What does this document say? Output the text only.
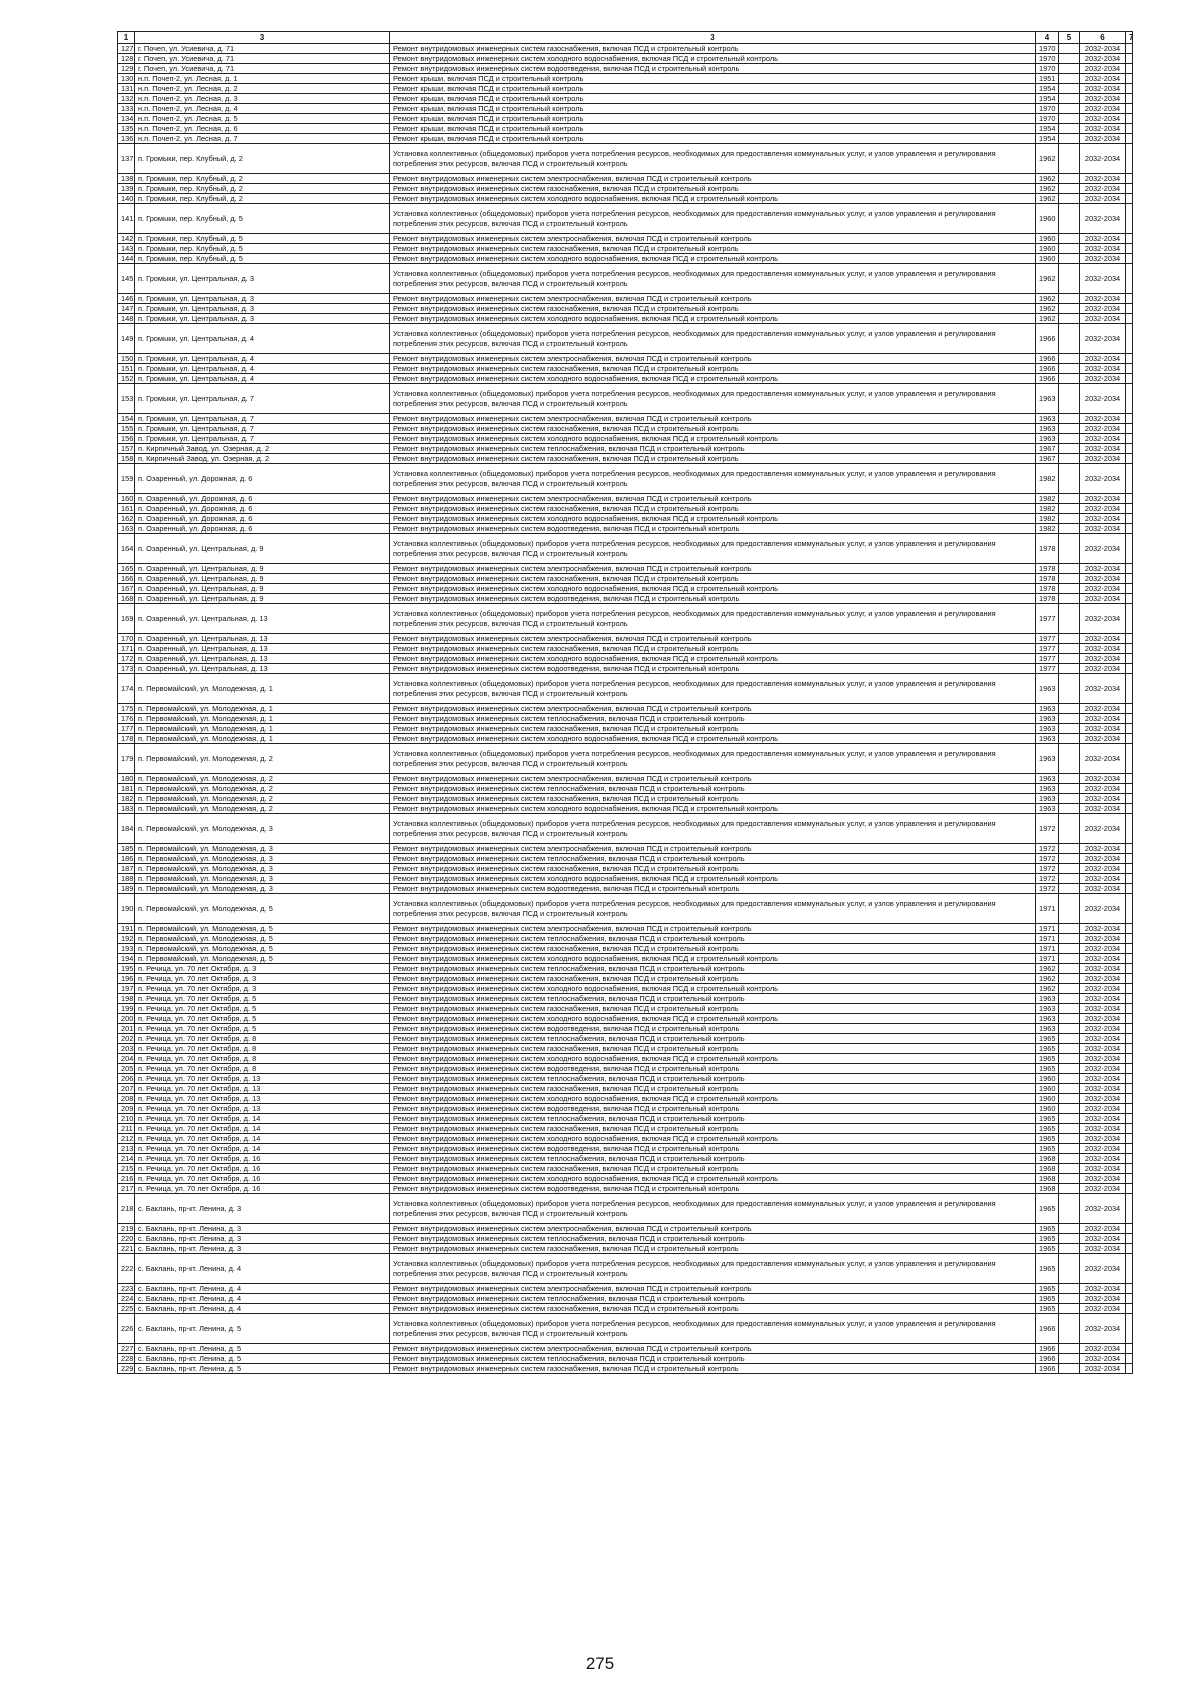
1	3	3	4	5	6	7
127	г. Почеп, ул. Усиевича, д. 71	Ремонт внутридомовых инженерных систем газоснабжения, включая ПСД и строительный контроль	1970		2032-2034	
128	г. Почеп, ул. Усиевича, д. 71	Ремонт внутридомовых инженерных систем холодного водоснабжения, включая ПСД и строительный контроль	1970		2032-2034	
129	г. Почеп, ул. Усиевича, д. 71	Ремонт внутридомовых инженерных систем водоотведения, включая ПСД и строительный контроль	1970		2032-2034	
130	н.п. Почеп-2, ул. Лесная, д. 1	Ремонт крыши, включая ПСД и строительный контроль	1951		2032-2034	
131	н.п. Почеп-2, ул. Лесная, д. 2	Ремонт крыши, включая ПСД и строительный контроль	1954		2032-2034	
132	н.п. Почеп-2, ул. Лесная, д. 3	Ремонт крыши, включая ПСД и строительный контроль	1954		2032-2034	
133	н.п. Почеп-2, ул. Лесная, д. 4	Ремонт крыши, включая ПСД и строительный контроль	1970		2032-2034	
134	н.п. Почеп-2, ул. Лесная, д. 5	Ремонт крыши, включая ПСД и строительный контроль	1970		2032-2034	
135	н.п. Почеп-2, ул. Лесная, д. 6	Ремонт крыши, включая ПСД и строительный контроль	1954		2032-2034	
136	н.п. Почеп-2, ул. Лесная, д. 7	Ремонт крыши, включая ПСД и строительный контроль	1954		2032-2034	
137	п. Громыки, пер. Клубный, д. 2	Установка коллективных (общедомовых) приборов учета потребления ресурсов, необходимых для предоставления коммунальных услуг, и узлов управления и регулирования потребления этих ресурсов, включая ПСД и строительный контроль	1962		2032-2034	
138	п. Громыки, пер. Клубный, д. 2	Ремонт внутридомовых инженерных систем электроснабжения, включая ПСД и строительный контроль	1962		2032-2034	
139	п. Громыки, пер. Клубный, д. 2	Ремонт внутридомовых инженерных систем газоснабжения, включая ПСД и строительный контроль	1962		2032-2034	
140	п. Громыки, пер. Клубный, д. 2	Ремонт внутридомовых инженерных систем холодного водоснабжения, включая ПСД и строительный контроль	1962		2032-2034	
141	п. Громыки, пер. Клубный, д. 5	Установка коллективных (общедомовых) приборов учета потребления ресурсов, необходимых для предоставления коммунальных услуг, и узлов управления и регулирования потребления этих ресурсов, включая ПСД и строительный контроль	1960		2032-2034	
142	п. Громыки, пер. Клубный, д. 5	Ремонт внутридомовых инженерных систем электроснабжения, включая ПСД и строительный контроль	1960		2032-2034	
143	п. Громыки, пер. Клубный, д. 5	Ремонт внутридомовых инженерных систем газоснабжения, включая ПСД и строительный контроль	1960		2032-2034	
144	п. Громыки, пер. Клубный, д. 5	Ремонт внутридомовых инженерных систем холодного водоснабжения, включая ПСД и строительный контроль	1960		2032-2034	
145	п. Громыки, ул. Центральная, д. 3	Установка коллективных (общедомовых) приборов учета потребления ресурсов, необходимых для предоставления коммунальных услуг, и узлов управления и регулирования потребления этих ресурсов, включая ПСД и строительный контроль	1962		2032-2034	
146	п. Громыки, ул. Центральная, д. 3	Ремонт внутридомовых инженерных систем электроснабжения, включая ПСД и строительный контроль	1962		2032-2034	
147	п. Громыки, ул. Центральная, д. 3	Ремонт внутридомовых инженерных систем газоснабжения, включая ПСД и строительный контроль	1962		2032-2034	
148	п. Громыки, ул. Центральная, д. 3	Ремонт внутридомовых инженерных систем холодного водоснабжения, включая ПСД и строительный контроль	1962		2032-2034	
149	п. Громыки, ул. Центральная, д. 4	Установка коллективных (общедомовых) приборов учета потребления ресурсов, необходимых для предоставления коммунальных услуг, и узлов управления и регулирования потребления этих ресурсов, включая ПСД и строительный контроль	1966		2032-2034	
150	п. Громыки, ул. Центральная, д. 4	Ремонт внутридомовых инженерных систем электроснабжения, включая ПСД и строительный контроль	1966		2032-2034	
151	п. Громыки, ул. Центральная, д. 4	Ремонт внутридомовых инженерных систем газоснабжения, включая ПСД и строительный контроль	1966		2032-2034	
152	п. Громыки, ул. Центральная, д. 4	Ремонт внутридомовых инженерных систем холодного водоснабжения, включая ПСД и строительный контроль	1966		2032-2034	
153	п. Громыки, ул. Центральная, д. 7	Установка коллективных (общедомовых) приборов учета потребления ресурсов, необходимых для предоставления коммунальных услуг, и узлов управления и регулирования потребления этих ресурсов, включая ПСД и строительный контроль	1963		2032-2034	
154	п. Громыки, ул. Центральная, д. 7	Ремонт внутридомовых инженерных систем электроснабжения, включая ПСД и строительный контроль	1963		2032-2034	
155	п. Громыки, ул. Центральная, д. 7	Ремонт внутридомовых инженерных систем газоснабжения, включая ПСД и строительный контроль	1963		2032-2034	
156	п. Громыки, ул. Центральная, д. 7	Ремонт внутридомовых инженерных систем холодного водоснабжения, включая ПСД и строительный контроль	1963		2032-2034	
157	п. Кирпичный Завод, ул. Озерная, д. 2	Ремонт внутридомовых инженерных систем теплоснабжения, включая ПСД и строительный контроль	1967		2032-2034	
158	п. Кирпичный Завод, ул. Озерная, д. 2	Ремонт внутридомовых инженерных систем газоснабжения, включая ПСД и строительный контроль	1967		2032-2034	
159	п. Озаренный, ул. Дорожная, д. 6	Установка коллективных (общедомовых) приборов учета потребления ресурсов, необходимых для предоставления коммунальных услуг, и узлов управления и регулирования потребления этих ресурсов, включая ПСД и строительный контроль	1982		2032-2034	
160	п. Озаренный, ул. Дорожная, д. 6	Ремонт внутридомовых инженерных систем электроснабжения, включая ПСД и строительный контроль	1982		2032-2034	
161	п. Озаренный, ул. Дорожная, д. 6	Ремонт внутридомовых инженерных систем газоснабжения, включая ПСД и строительный контроль	1982		2032-2034	
162	п. Озаренный, ул. Дорожная, д. 6	Ремонт внутридомовых инженерных систем холодного водоснабжения, включая ПСД и строительный контроль	1982		2032-2034	
163	п. Озаренный, ул. Дорожная, д. 6	Ремонт внутридомовых инженерных систем водоотведения, включая ПСД и строительный контроль	1982		2032-2034	
164	п. Озаренный, ул. Центральная, д. 9	Установка коллективных (общедомовых) приборов учета потребления ресурсов, необходимых для предоставления коммунальных услуг, и узлов управления и регулирования потребления этих ресурсов, включая ПСД и строительный контроль	1978		2032-2034	
165	п. Озаренный, ул. Центральная, д. 9	Ремонт внутридомовых инженерных систем электроснабжения, включая ПСД и строительный контроль	1978		2032-2034	
166	п. Озаренный, ул. Центральная, д. 9	Ремонт внутридомовых инженерных систем газоснабжения, включая ПСД и строительный контроль	1978		2032-2034	
167	п. Озаренный, ул. Центральная, д. 9	Ремонт внутридомовых инженерных систем холодного водоснабжения, включая ПСД и строительный контроль	1978		2032-2034	
168	п. Озаренный, ул. Центральная, д. 9	Ремонт внутридомовых инженерных систем водоотведения, включая ПСД и строительный контроль	1978		2032-2034	
169	п. Озаренный, ул. Центральная, д. 13	Установка коллективных (общедомовых) приборов учета потребления ресурсов, необходимых для предоставления коммунальных услуг, и узлов управления и регулирования потребления этих ресурсов, включая ПСД и строительный контроль	1977		2032-2034	
170	п. Озаренный, ул. Центральная, д. 13	Ремонт внутридомовых инженерных систем электроснабжения, включая ПСД и строительный контроль	1977		2032-2034	
171	п. Озаренный, ул. Центральная, д. 13	Ремонт внутридомовых инженерных систем газоснабжения, включая ПСД и строительный контроль	1977		2032-2034	
172	п. Озаренный, ул. Центральная, д. 13	Ремонт внутридомовых инженерных систем холодного водоснабжения, включая ПСД и строительный контроль	1977		2032-2034	
173	п. Озаренный, ул. Центральная, д. 13	Ремонт внутридомовых инженерных систем водоотведения, включая ПСД и строительный контроль	1977		2032-2034	
174	п. Первомайский, ул. Молодежная, д. 1	Установка коллективных (общедомовых) приборов учета потребления ресурсов, необходимых для предоставления коммунальных услуг, и узлов управления и регулирования потребления этих ресурсов, включая ПСД и строительный контроль	1963		2032-2034	
175	п. Первомайский, ул. Молодежная, д. 1	Ремонт внутридомовых инженерных систем электроснабжения, включая ПСД и строительный контроль	1963		2032-2034	
176	п. Первомайский, ул. Молодежная, д. 1	Ремонт внутридомовых инженерных систем теплоснабжения, включая ПСД и строительный контроль	1963		2032-2034	
177	п. Первомайский, ул. Молодежная, д. 1	Ремонт внутридомовых инженерных систем газоснабжения, включая ПСД и строительный контроль	1963		2032-2034	
178	п. Первомайский, ул. Молодежная, д. 1	Ремонт внутридомовых инженерных систем холодного водоснабжения, включая ПСД и строительный контроль	1963		2032-2034	
179	п. Первомайский, ул. Молодежная, д. 2	Установка коллективных (общедомовых) приборов учета потребления ресурсов, необходимых для предоставления коммунальных услуг, и узлов управления и регулирования потребления этих ресурсов, включая ПСД и строительный контроль	1963		2032-2034	
180	п. Первомайский, ул. Молодежная, д. 2	Ремонт внутридомовых инженерных систем электроснабжения, включая ПСД и строительный контроль	1963		2032-2034	
181	п. Первомайский, ул. Молодежная, д. 2	Ремонт внутридомовых инженерных систем теплоснабжения, включая ПСД и строительный контроль	1963		2032-2034	
182	п. Первомайский, ул. Молодежная, д. 2	Ремонт внутридомовых инженерных систем газоснабжения, включая ПСД и строительный контроль	1963		2032-2034	
183	п. Первомайский, ул. Молодежная, д. 2	Ремонт внутридомовых инженерных систем холодного водоснабжения, включая ПСД и строительный контроль	1963		2032-2034	
184	п. Первомайский, ул. Молодежная, д. 3	Установка коллективных (общедомовых) приборов учета потребления ресурсов, необходимых для предоставления коммунальных услуг, и узлов управления и регулирования потребления этих ресурсов, включая ПСД и строительный контроль	1972		2032-2034	
185	п. Первомайский, ул. Молодежная, д. 3	Ремонт внутридомовых инженерных систем электроснабжения, включая ПСД и строительный контроль	1972		2032-2034	
186	п. Первомайский, ул. Молодежная, д. 3	Ремонт внутридомовых инженерных систем теплоснабжения, включая ПСД и строительный контроль	1972		2032-2034	
187	п. Первомайский, ул. Молодежная, д. 3	Ремонт внутридомовых инженерных систем газоснабжения, включая ПСД и строительный контроль	1972		2032-2034	
188	п. Первомайский, ул. Молодежная, д. 3	Ремонт внутридомовых инженерных систем холодного водоснабжения, включая ПСД и строительный контроль	1972		2032-2034	
189	п. Первомайский, ул. Молодежная, д. 3	Ремонт внутридомовых инженерных систем водоотведения, включая ПСД и строительный контроль	1972		2032-2034	
190	п. Первомайский, ул. Молодежная, д. 5	Установка коллективных (общедомовых) приборов учета потребления ресурсов, необходимых для предоставления коммунальных услуг, и узлов управления и регулирования потребления этих ресурсов, включая ПСД и строительный контроль	1971		2032-2034	
191	п. Первомайский, ул. Молодежная, д. 5	Ремонт внутридомовых инженерных систем электроснабжения, включая ПСД и строительный контроль	1971		2032-2034	
192	п. Первомайский, ул. Молодежная, д. 5	Ремонт внутридомовых инженерных систем теплоснабжения, включая ПСД и строительный контроль	1971		2032-2034	
193	п. Первомайский, ул. Молодежная, д. 5	Ремонт внутридомовых инженерных систем газоснабжения, включая ПСД и строительный контроль	1971		2032-2034	
194	п. Первомайский, ул. Молодежная, д. 5	Ремонт внутридомовых инженерных систем холодного водоснабжения, включая ПСД и строительный контроль	1971		2032-2034	
195	п. Речица, ул. 70 лет Октября, д. 3	Ремонт внутридомовых инженерных систем теплоснабжения, включая ПСД и строительный контроль	1962		2032-2034	
196	п. Речица, ул. 70 лет Октября, д. 3	Ремонт внутридомовых инженерных систем газоснабжения, включая ПСД и строительный контроль	1962		2032-2034	
197	п. Речица, ул. 70 лет Октября, д. 3	Ремонт внутридомовых инженерных систем холодного водоснабжения, включая ПСД и строительный контроль	1962		2032-2034	
198	п. Речица, ул. 70 лет Октября, д. 5	Ремонт внутридомовых инженерных систем теплоснабжения, включая ПСД и строительный контроль	1963		2032-2034	
199	п. Речица, ул. 70 лет Октября, д. 5	Ремонт внутридомовых инженерных систем газоснабжения, включая ПСД и строительный контроль	1963		2032-2034	
200	п. Речица, ул. 70 лет Октября, д. 5	Ремонт внутридомовых инженерных систем холодного водоснабжения, включая ПСД и строительный контроль	1963		2032-2034	
201	п. Речица, ул. 70 лет Октября, д. 5	Ремонт внутридомовых инженерных систем водоотведения, включая ПСД и строительный контроль	1963		2032-2034	
202	п. Речица, ул. 70 лет Октября, д. 8	Ремонт внутридомовых инженерных систем теплоснабжения, включая ПСД и строительный контроль	1965		2032-2034	
203	п. Речица, ул. 70 лет Октября, д. 8	Ремонт внутридомовых инженерных систем газоснабжения, включая ПСД и строительный контроль	1965		2032-2034	
204	п. Речица, ул. 70 лет Октября, д. 8	Ремонт внутридомовых инженерных систем холодного водоснабжения, включая ПСД и строительный контроль	1965		2032-2034	
205	п. Речица, ул. 70 лет Октября, д. 8	Ремонт внутридомовых инженерных систем водоотведения, включая ПСД и строительный контроль	1965		2032-2034	
206	п. Речица, ул. 70 лет Октября, д. 13	Ремонт внутридомовых инженерных систем теплоснабжения, включая ПСД и строительный контроль	1960		2032-2034	
207	п. Речица, ул. 70 лет Октября, д. 13	Ремонт внутридомовых инженерных систем газоснабжения, включая ПСД и строительный контроль	1960		2032-2034	
208	п. Речица, ул. 70 лет Октября, д. 13	Ремонт внутридомовых инженерных систем холодного водоснабжения, включая ПСД и строительный контроль	1960		2032-2034	
209	п. Речица, ул. 70 лет Октября, д. 13	Ремонт внутридомовых инженерных систем водоотведения, включая ПСД и строительный контроль	1960		2032-2034	
210	п. Речица, ул. 70 лет Октября, д. 14	Ремонт внутридомовых инженерных систем теплоснабжения, включая ПСД и строительный контроль	1965		2032-2034	
211	п. Речица, ул. 70 лет Октября, д. 14	Ремонт внутридомовых инженерных систем газоснабжения, включая ПСД и строительный контроль	1965		2032-2034	
212	п. Речица, ул. 70 лет Октября, д. 14	Ремонт внутридомовых инженерных систем холодного водоснабжения, включая ПСД и строительный контроль	1965		2032-2034	
213	п. Речица, ул. 70 лет Октября, д. 14	Ремонт внутридомовых инженерных систем водоотведения, включая ПСД и строительный контроль	1965		2032-2034	
214	п. Речица, ул. 70 лет Октября, д. 16	Ремонт внутридомовых инженерных систем теплоснабжения, включая ПСД и строительный контроль	1968		2032-2034	
215	п. Речица, ул. 70 лет Октября, д. 16	Ремонт внутридомовых инженерных систем газоснабжения, включая ПСД и строительный контроль	1968		2032-2034	
216	п. Речица, ул. 70 лет Октября, д. 16	Ремонт внутридомовых инженерных систем холодного водоснабжения, включая ПСД и строительный контроль	1968		2032-2034	
217	п. Речица, ул. 70 лет Октября, д. 16	Ремонт внутридомовых инженерных систем водоотведения, включая ПСД и строительный контроль	1968		2032-2034	
218	с. Баклань, пр-кт. Ленина, д. 3	Установка коллективных (общедомовых) приборов учета потребления ресурсов, необходимых для предоставления коммунальных услуг, и узлов управления и регулирования потребления этих ресурсов, включая ПСД и строительный контроль	1965		2032-2034	
219	с. Баклань, пр-кт. Ленина, д. 3	Ремонт внутридомовых инженерных систем электроснабжения, включая ПСД и строительный контроль	1965		2032-2034	
220	с. Баклань, пр-кт. Ленина, д. 3	Ремонт внутридомовых инженерных систем теплоснабжения, включая ПСД и строительный контроль	1965		2032-2034	
221	с. Баклань, пр-кт. Ленина, д. 3	Ремонт внутридомовых инженерных систем газоснабжения, включая ПСД и строительный контроль	1965		2032-2034	
222	с. Баклань, пр-кт. Ленина, д. 4	Установка коллективных (общедомовых) приборов учета потребления ресурсов, необходимых для предоставления коммунальных услуг, и узлов управления и регулирования потребления этих ресурсов, включая ПСД и строительный контроль	1965		2032-2034	
223	с. Баклань, пр-кт. Ленина, д. 4	Ремонт внутридомовых инженерных систем электроснабжения, включая ПСД и строительный контроль	1965		2032-2034	
224	с. Баклань, пр-кт. Ленина, д. 4	Ремонт внутридомовых инженерных систем теплоснабжения, включая ПСД и строительный контроль	1965		2032-2034	
225	с. Баклань, пр-кт. Ленина, д. 4	Ремонт внутридомовых инженерных систем газоснабжения, включая ПСД и строительный контроль	1965		2032-2034	
226	с. Баклань, пр-кт. Ленина, д. 5	Установка коллективных (общедомовых) приборов учета потребления ресурсов, необходимых для предоставления коммунальных услуг, и узлов управления и регулирования потребления этих ресурсов, включая ПСД и строительный контроль	1966		2032-2034	
227	с. Баклань, пр-кт. Ленина, д. 5	Ремонт внутридомовых инженерных систем электроснабжения, включая ПСД и строительный контроль	1966		2032-2034	
228	с. Баклань, пр-кт. Ленина, д. 5	Ремонт внутридомовых инженерных систем теплоснабжения, включая ПСД и строительный контроль	1966		2032-2034	
229	с. Баклань, пр-кт. Ленина, д. 5	Ремонт внутридомовых инженерных систем газоснабжения, включая ПСД и строительный контроль	1966		2032-2034	
275
